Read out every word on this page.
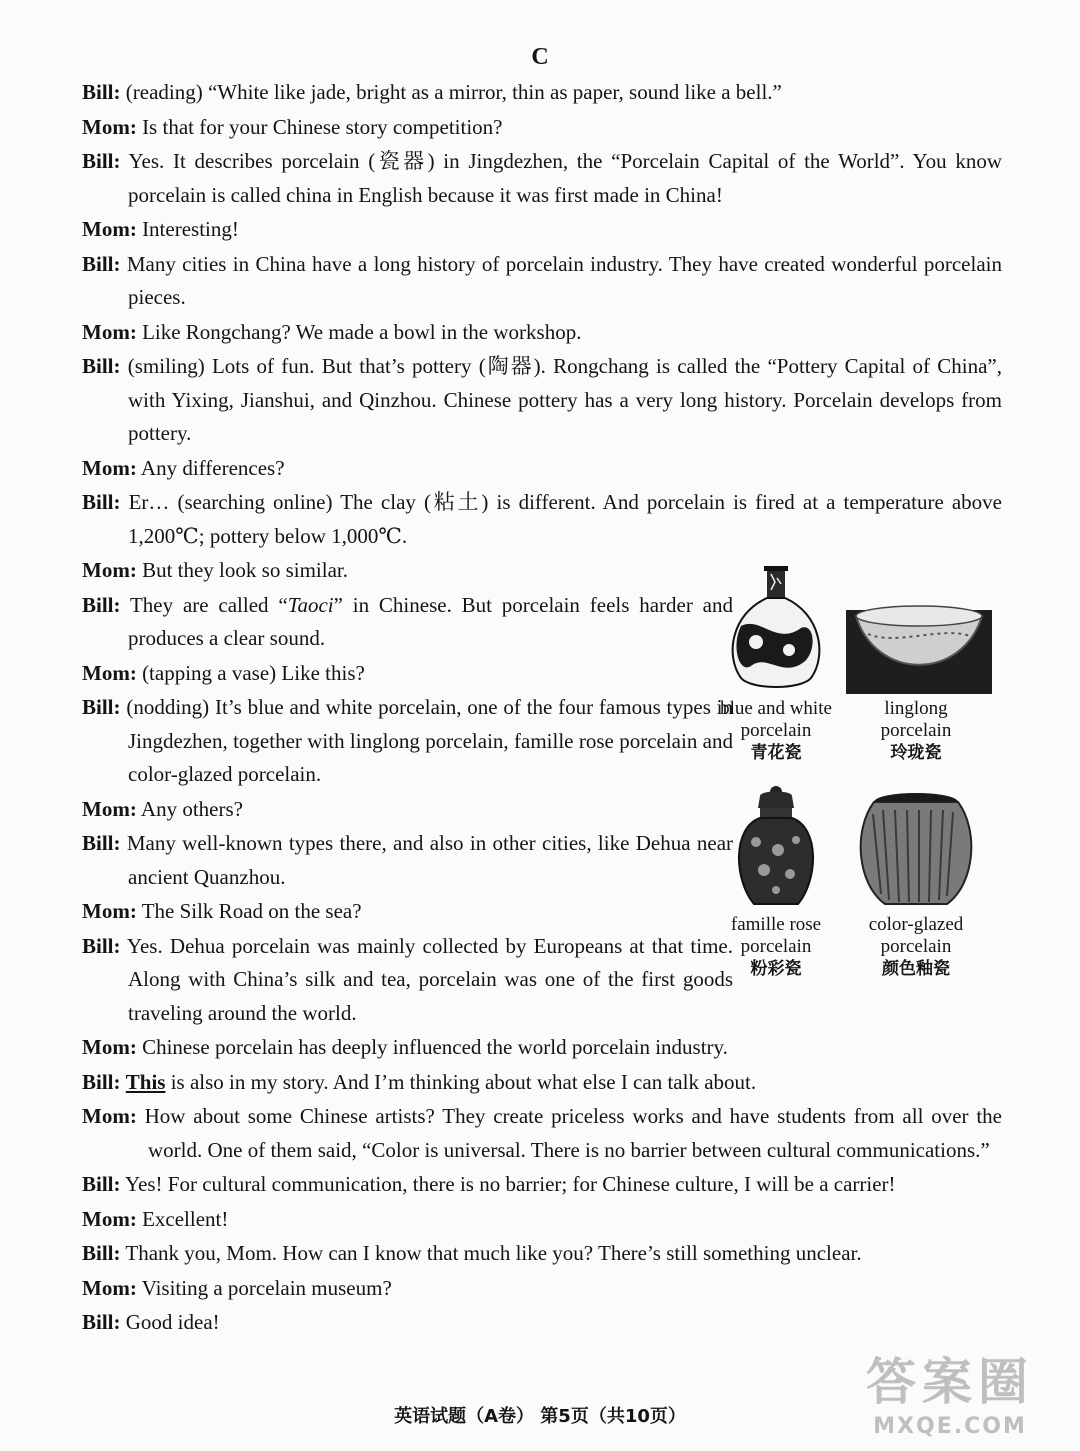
C

Bill: (reading) “White like jade, bright as a mirror, thin as paper, sound like a bell.”

Mom: Is that for your Chinese story competition?

Bill: Yes. It describes porcelain (瓷器) in Jingdezhen, the “Porcelain Capital of the World”. You know porcelain is called china in English because it was first made in China!

Mom: Interesting!

Bill: Many cities in China have a long history of porcelain industry. They have created wonderful porcelain pieces.

Mom: Like Rongchang? We made a bowl in the workshop.

Bill: (smiling) Lots of fun. But that’s pottery (陶器). Rongchang is called the “Pottery Capital of China”, with Yixing, Jianshui, and Qinzhou. Chinese pottery has a very long history. Porcelain develops from pottery.

Mom: Any differences?

Bill: Er… (searching online) The clay (粘土) is different. And porcelain is fired at a temperature above 1,200℃; pottery below 1,000℃.

Mom: But they look so similar.

Bill: They are called “Taoci” in Chinese. But porcelain feels harder and produces a clear sound.

Mom: (tapping a vase) Like this?

Bill: (nodding) It’s blue and white porcelain, one of the four famous types in Jingdezhen, together with linglong porcelain, famille rose porcelain and color-glazed porcelain.

Mom: Any others?

Bill: Many well-known types there, and also in other cities, like Dehua near ancient Quanzhou.

Mom: The Silk Road on the sea?

Bill: Yes. Dehua porcelain was mainly collected by Europeans at that time. Along with China’s silk and tea, porcelain was one of the first goods traveling around the world.

Mom: Chinese porcelain has deeply influenced the world porcelain industry.

Bill: This is also in my story. And I’m thinking about what else I can talk about.

Mom: How about some Chinese artists? They create priceless works and have students from all over the world. One of them said, “Color is universal. There is no barrier between cultural communications.”

Bill: Yes! For cultural communication, there is no barrier; for Chinese culture, I will be a carrier!

Mom: Excellent!

Bill: Thank you, Mom. How can I know that much like you? There’s still something unclear.

Mom: Visiting a porcelain museum?

Bill: Good idea!

blue and white
porcelain
青花瓷
linglong
porcelain
玲珑瓷
famille rose
porcelain
粉彩瓷
color-glazed
porcelain
颜色釉瓷
英语试题（A卷） 第5页（共10页）
答案圈
MXQE.COM
